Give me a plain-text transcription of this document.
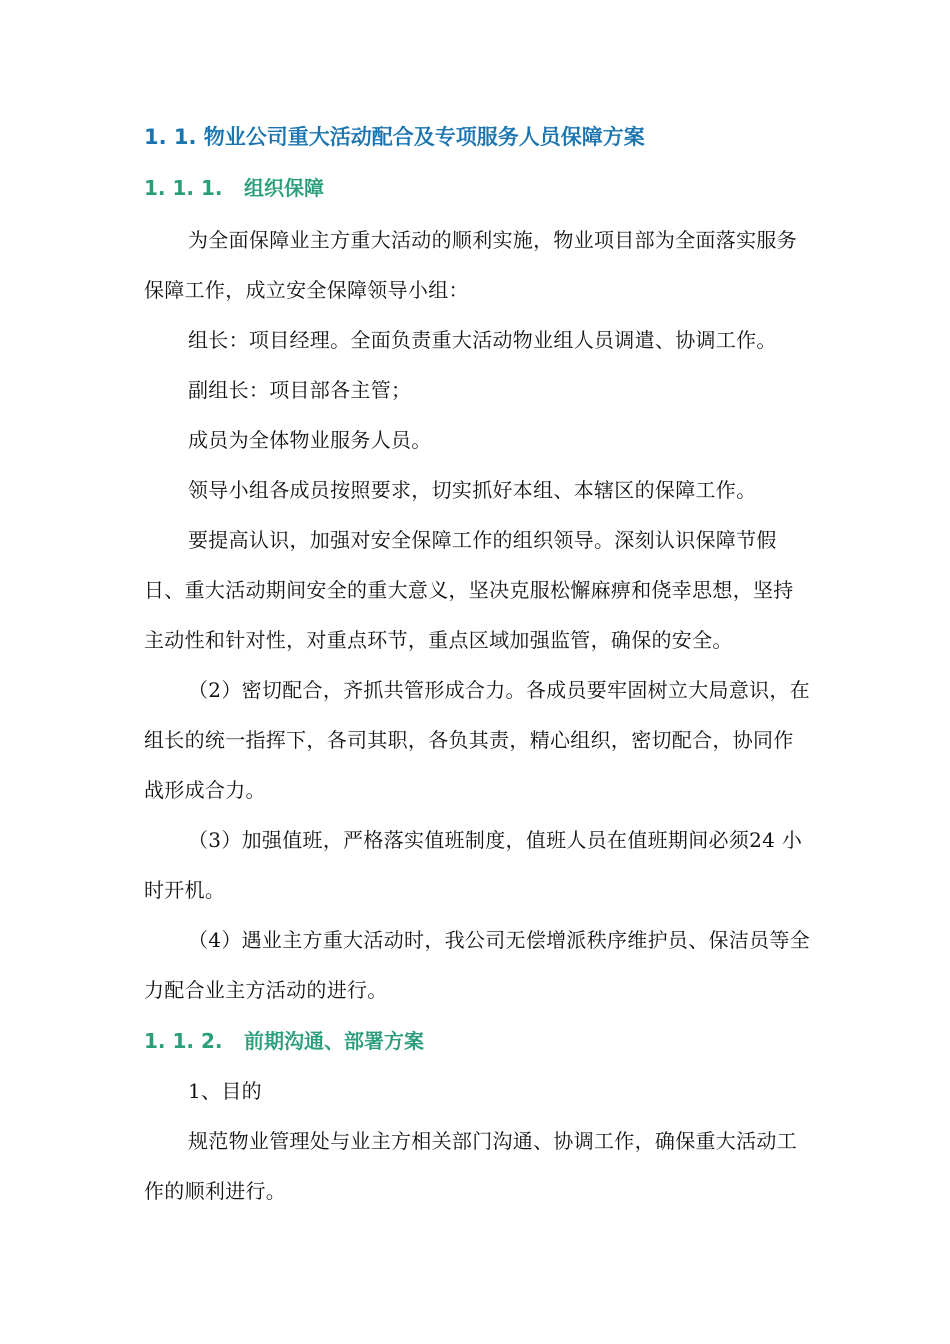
1. 1. 物业公司重大活动配合及专项服务人员保障方案
1. 1. 1. 组织保障

为全面保障业主方重大活动的顺利实施，物业项目部为全面落实服务保障工作，成立安全保障领导小组：

组长：项目经理。全面负责重大活动物业组人员调遣、协调工作。

副组长：项目部各主管；

成员为全体物业服务人员。

领导小组各成员按照要求，切实抓好本组、本辖区的保障工作。

要提高认识，加强对安全保障工作的组织领导。深刻认识保障节假日、重大活动期间安全的重大意义，坚决克服松懈麻痹和侥幸思想，坚持主动性和针对性，对重点环节，重点区域加强监管，确保的安全。

（2）密切配合，齐抓共管形成合力。各成员要牢固树立大局意识，在组长的统一指挥下，各司其职，各负其责，精心组织，密切配合，协同作战形成合力。

（3）加强值班，严格落实值班制度，值班人员在值班期间必须24 小时开机。

（4）遇业主方重大活动时，我公司无偿增派秩序维护员、保洁员等全力配合业主方活动的进行。

1. 1. 2. 前期沟通、部署方案

1、目的

规范物业管理处与业主方相关部门沟通、协调工作，确保重大活动工作的顺利进行。
